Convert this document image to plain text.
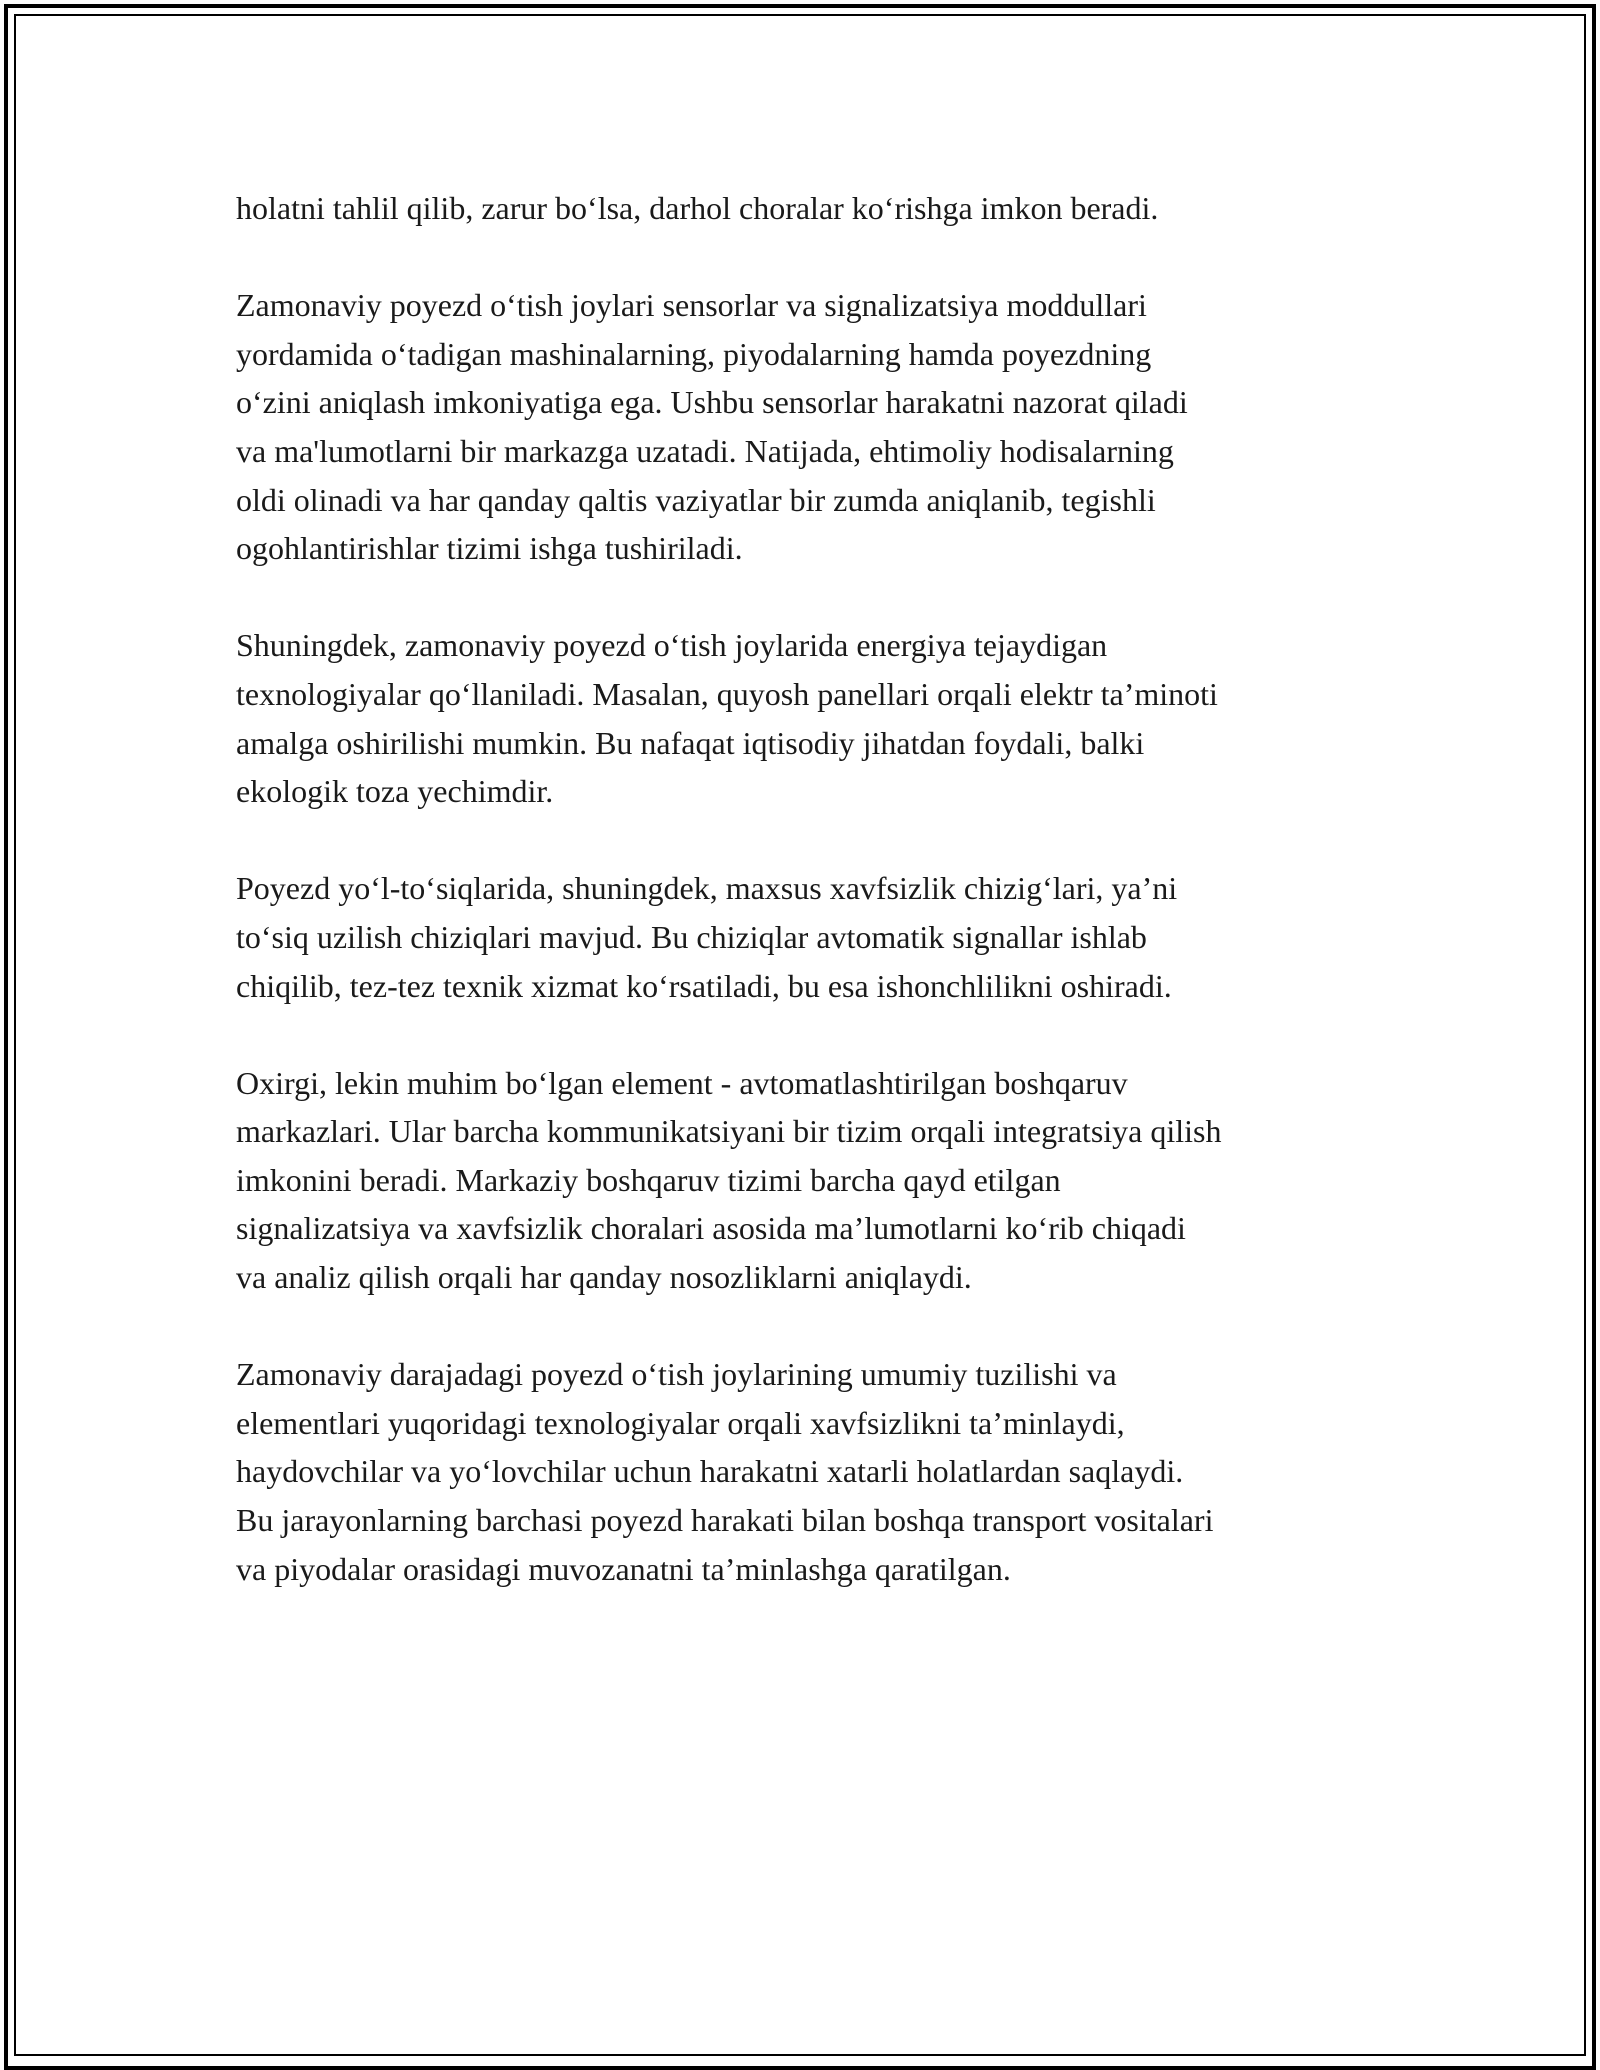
holatni tahlil qilib, zarur bo‘lsa, darhol choralar ko‘rishga imkon beradi.

Zamonaviy poyezd o‘tish joylari sensorlar va signalizatsiya moddullari
yordamida o‘tadigan mashinalarning, piyodalarning hamda poyezdning
o‘zini aniqlash imkoniyatiga ega. Ushbu sensorlar harakatni nazorat qiladi
va ma'lumotlarni bir markazga uzatadi. Natijada, ehtimoliy hodisalarning
oldi olinadi va har qanday qaltis vaziyatlar bir zumda aniqlanib, tegishli
ogohlantirishlar tizimi ishga tushiriladi.

Shuningdek, zamonaviy poyezd o‘tish joylarida energiya tejaydigan
texnologiyalar qo‘llaniladi. Masalan, quyosh panellari orqali elektr ta’minoti
amalga oshirilishi mumkin. Bu nafaqat iqtisodiy jihatdan foydali, balki
ekologik toza yechimdir.

Poyezd yo‘l-to‘siqlarida, shuningdek, maxsus xavfsizlik chizig‘lari, ya’ni
to‘siq uzilish chiziqlari mavjud. Bu chiziqlar avtomatik signallar ishlab
chiqilib, tez-tez texnik xizmat ko‘rsatiladi, bu esa ishonchlilikni oshiradi.

Oxirgi, lekin muhim bo‘lgan element - avtomatlashtirilgan boshqaruv
markazlari. Ular barcha kommunikatsiyani bir tizim orqali integratsiya qilish
imkonini beradi. Markaziy boshqaruv tizimi barcha qayd etilgan
signalizatsiya va xavfsizlik choralari asosida ma’lumotlarni ko‘rib chiqadi
va analiz qilish orqali har qanday nosozliklarni aniqlaydi.

Zamonaviy darajadagi poyezd o‘tish joylarining umumiy tuzilishi va
elementlari yuqoridagi texnologiyalar orqali xavfsizlikni ta’minlaydi,
haydovchilar va yo‘lovchilar uchun harakatni xatarli holatlardan saqlaydi.
Bu jarayonlarning barchasi poyezd harakati bilan boshqa transport vositalari
va piyodalar orasidagi muvozanatni ta’minlashga qaratilgan.
